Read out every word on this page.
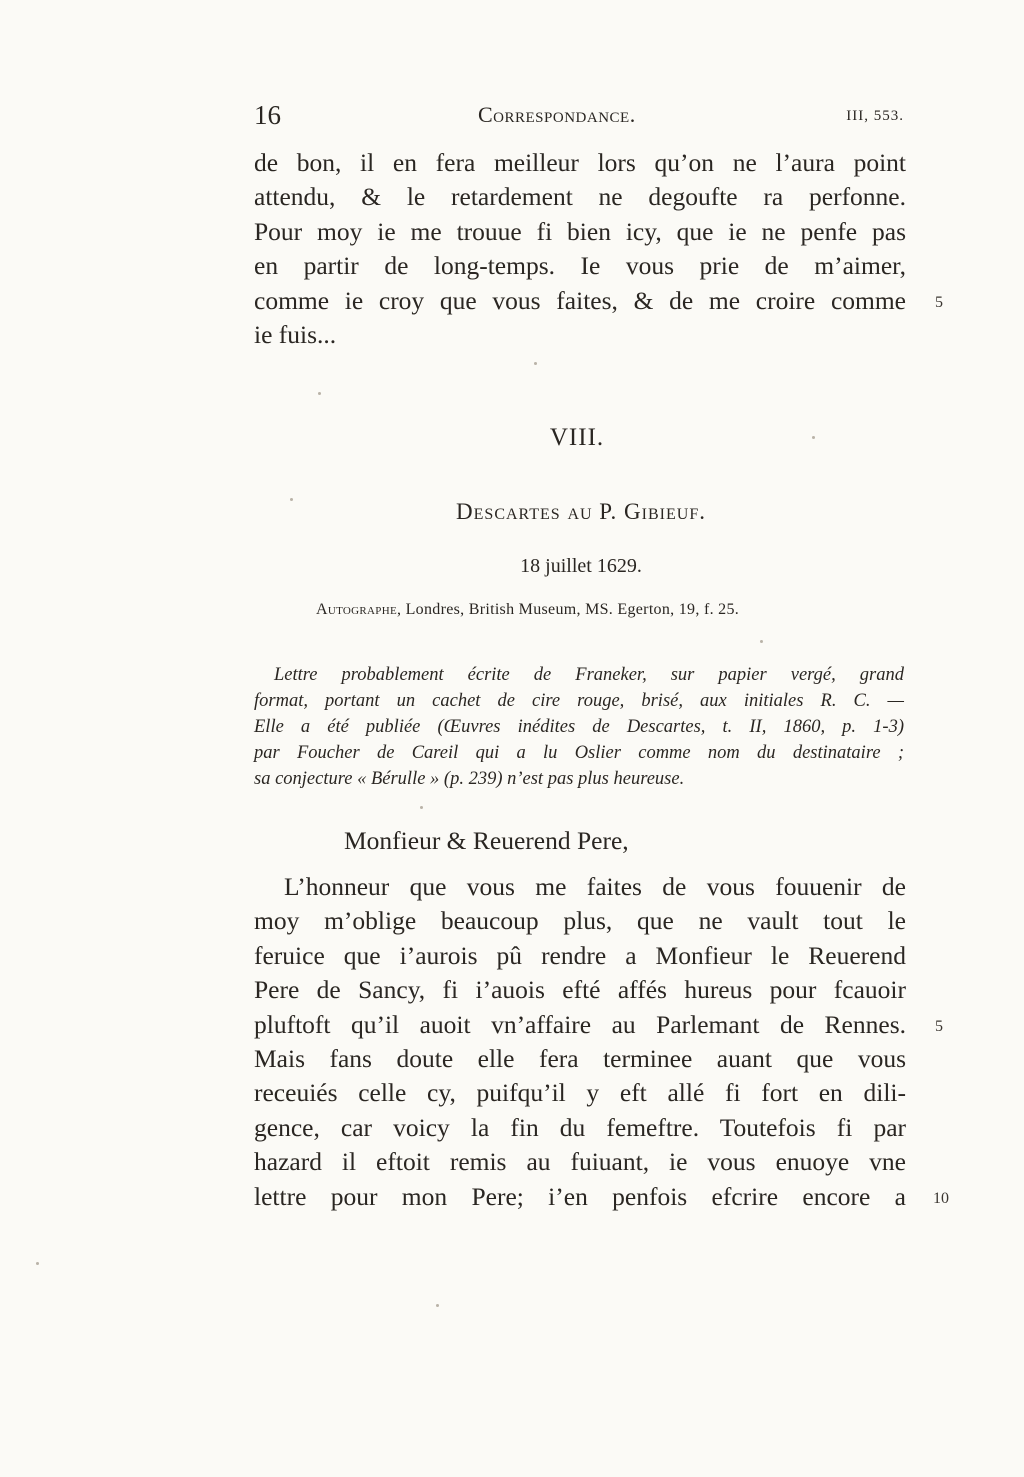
16	Correspondance.	III, 553.
de bon, il en fera meilleur lors qu’on ne l’aura point
attendu, & le retardement ne degoufte ra perfonne.
Pour moy ie me trouue fi bien icy, que ie ne penfe pas
en partir de long-temps. Ie vous prie de m’aimer,
comme ie croy que vous faites, & de me croire comme
ie fuis...
5
VIII.
Descartes au P. Gibieuf.
18 juillet 1629.
Autographe, Londres, British Museum, MS. Egerton, 19, f. 25.
Lettre probablement écrite de Franeker, sur papier vergé, grand
format, portant un cachet de cire rouge, brisé, aux initiales R. C. —
Elle a été publiée (Œuvres inédites de Descartes, t. II, 1860, p. 1-3)
par Foucher de Careil qui a lu Oslier comme nom du destinataire ;
sa conjecture « Bérulle » (p. 239) n’est pas plus heureuse.
Monfieur & Reuerend Pere,
L’honneur que vous me faites de vous fouuenir de
moy m’oblige beaucoup plus, que ne vault tout le
feruice que i’aurois pû rendre a Monfieur le Reuerend
Pere de Sancy, fi i’auois efté affés hureus pour fcauoir
pluftoft qu’il auoit vn’affaire au Parlemant de Rennes.
Mais fans doute elle fera terminee auant que vous
receuiés celle cy, puifqu’il y eft allé fi fort en dili-
gence, car voicy la fin du femeftre. Toutefois fi par
hazard il eftoit remis au fuiuant, ie vous enuoye vne
lettre pour mon Pere; i’en penfois efcrire encore a
5
10
